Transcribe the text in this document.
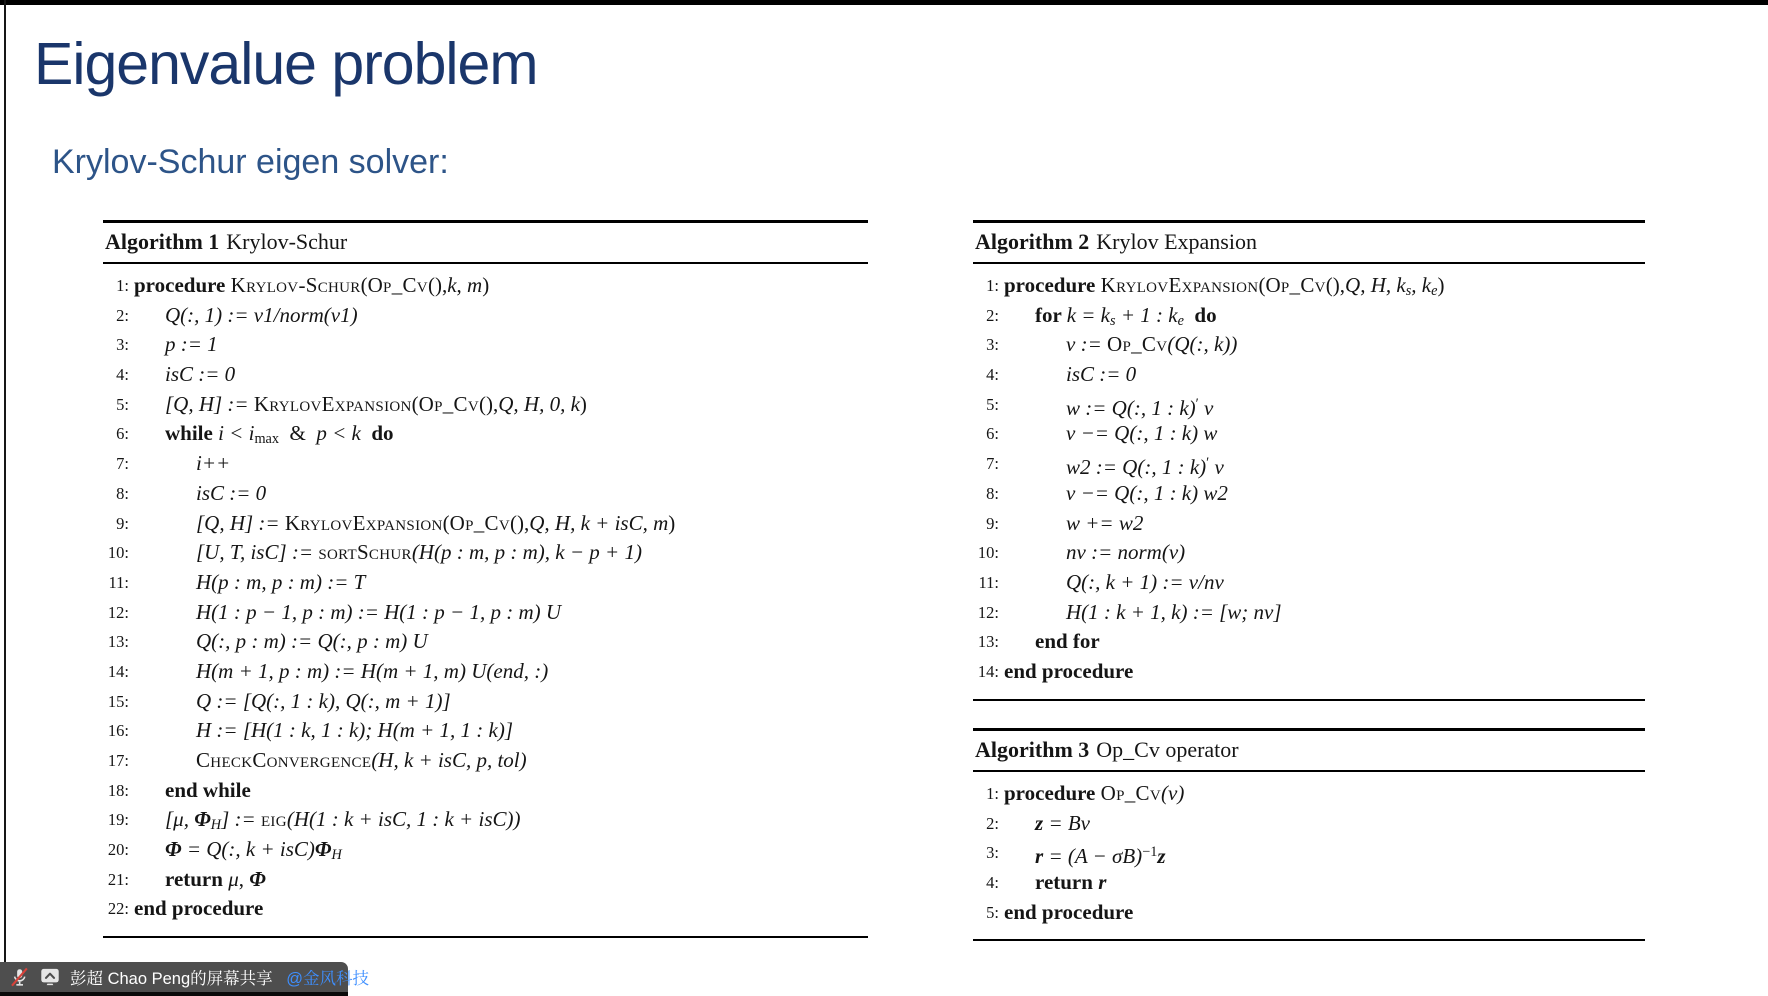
Eigenvalue problem
Krylov-Schur eigen solver:
Algorithm 1 Krylov-Schur
1: procedure Krylov-Schur(Op_Cv(),k, m)
2:	Q(:, 1) := v1/norm(v1)
3:	p := 1
4:	isC := 0
5:	[Q, H] := KrylovExpansion(Op_Cv(),Q, H, 0, k)
6:	while i < imax  &  p < k  do
7:	i++
8:	isC := 0
9:	[Q, H] := KrylovExpansion(Op_Cv(),Q, H, k + isC, m)
10:	[U, T, isC] := sortSchur(H(p : m, p : m), k − p + 1)
11:	H(p : m, p : m) := T
12:	H(1 : p − 1, p : m) := H(1 : p − 1, p : m) U
13:	Q(:, p : m) := Q(:, p : m) U
14:	H(m + 1, p : m) := H(m + 1, m) U(end, :)
15:	Q := [Q(:, 1 : k), Q(:, m + 1)]
16:	H := [H(1 : k, 1 : k); H(m + 1, 1 : k)]
17:	CheckConvergence(H, k + isC, p, tol)
18:	end while
19:	[μ, ΦH] := eig(H(1 : k + isC, 1 : k + isC))
20:	Φ = Q(:, k + isC)ΦH
21:	return μ, Φ
22: end procedure
Algorithm 2 Krylov Expansion
1: procedure KrylovExpansion(Op_Cv(),Q, H, ks, ke)
2:	for k = ks + 1 : ke  do
3:	v := Op_Cv(Q(:, k))
4:	isC := 0
5:	w := Q(:, 1 : k)′ v
6:	v −= Q(:, 1 : k) w
7:	w2 := Q(:, 1 : k)′ v
8:	v −= Q(:, 1 : k) w2
9:	w += w2
10:	nv := norm(v)
11:	Q(:, k + 1) := v/nv
12:	H(1 : k + 1, k) := [w; nv]
13:	end for
14: end procedure
Algorithm 3 Op_Cv operator
1: procedure Op_Cv(v)
2:	z = Bv
3:	$r = (A - \sigma B)^{-1}z$
4:	return r
5: end procedure
彭超 Chao Peng的屏幕共享 @金风科技
